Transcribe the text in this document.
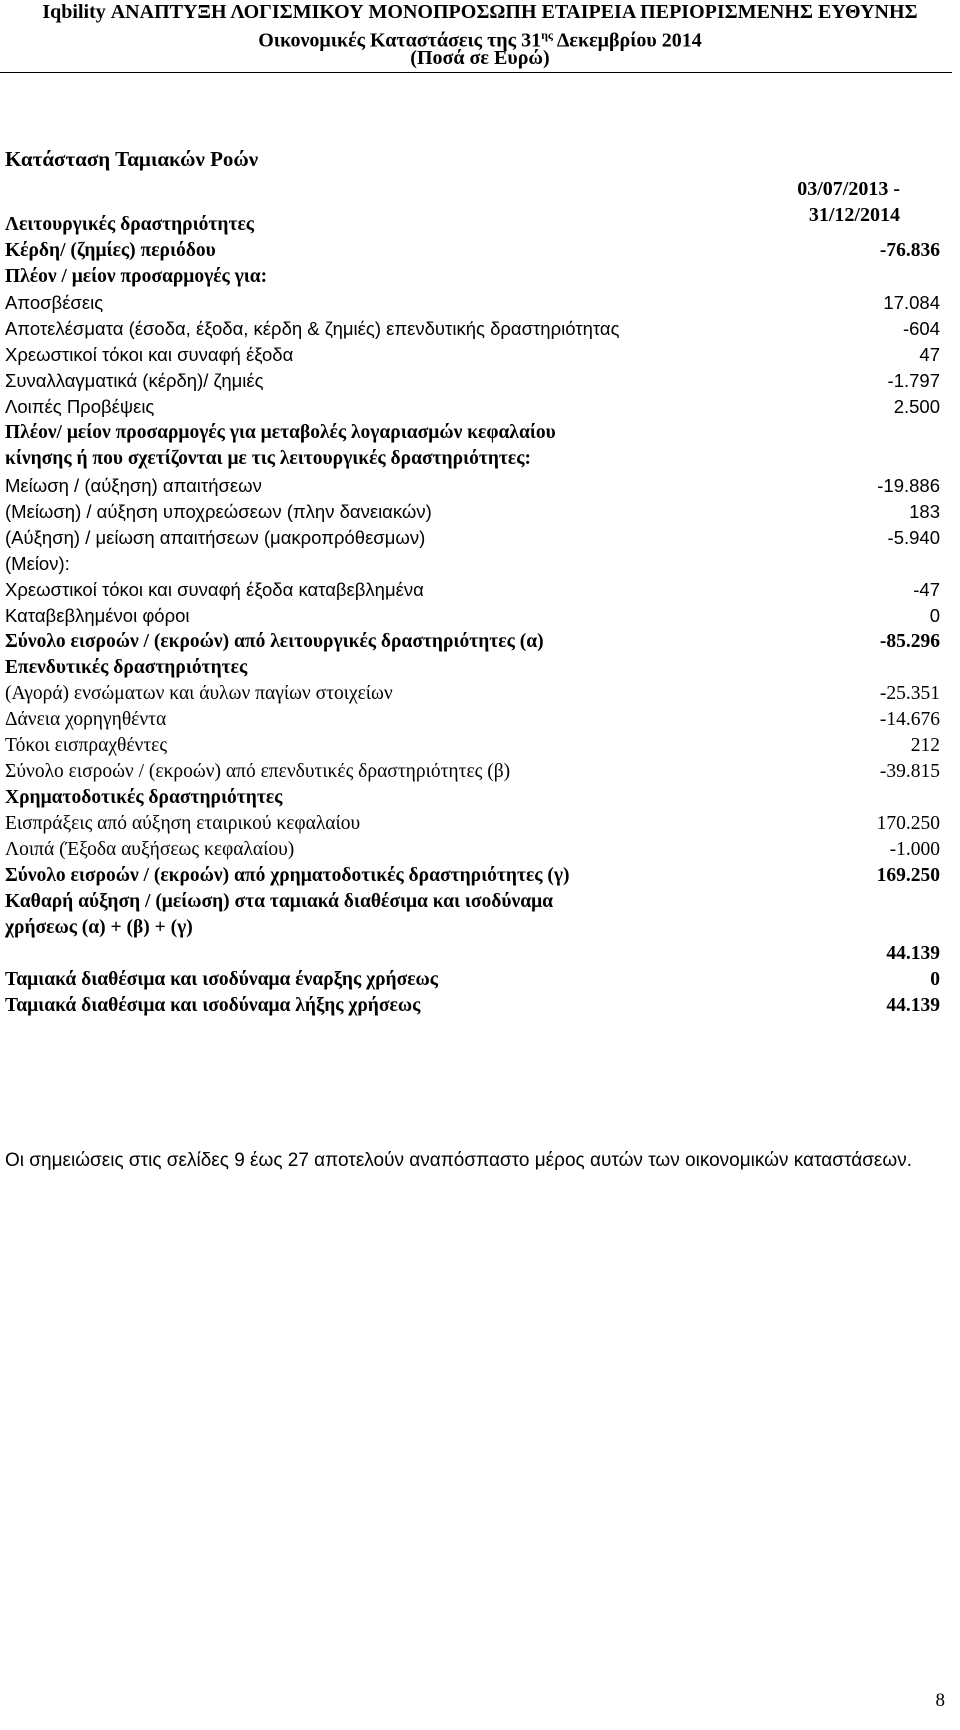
Iqbility ΑΝΑΠΤΥΞΗ ΛΟΓΙΣΜΙΚΟΥ ΜΟΝΟΠΡΟΣΩΠΗ ΕΤΑΙΡΕΙΑ ΠΕΡΙΟΡΙΣΜΕΝΗΣ ΕΥΘΥΝΗΣ
Οικονομικές Καταστάσεις της $31^{\eta\varsigma}$ Δεκεμβρίου 2014
(Ποσά σε Ευρώ)
Κατάσταση Ταμιακών Ροών
03/07/2013 -
31/12/2014
Λειτουργικές δραστηριότητες
Κέρδη/ (ζημίες) περιόδου	-76.836
Πλέον / μείον προσαρμογές για:
Αποσβέσεις	17.084
Αποτελέσματα (έσοδα, έξοδα, κέρδη & ζημιές) επενδυτικής δραστηριότητας	-604
Χρεωστικοί τόκοι και συναφή έξοδα	47
Συναλλαγματικά (κέρδη)/ ζημιές	-1.797
Λοιπές Προβέψεις	2.500
Πλέον/ μείον προσαρμογές για μεταβολές λογαριασμών κεφαλαίου
κίνησης ή που σχετίζονται με τις λειτουργικές δραστηριότητες:
Μείωση / (αύξηση) απαιτήσεων	-19.886
(Μείωση) / αύξηση υποχρεώσεων (πλην δανειακών)	183
(Αύξηση) / μείωση απαιτήσεων (μακροπρόθεσμων)	-5.940
(Μείον):
Χρεωστικοί τόκοι και συναφή έξοδα καταβεβλημένα	-47
Καταβεβλημένοι φόροι	0
Σύνολο εισροών / (εκροών) από λειτουργικές δραστηριότητες (α)	-85.296
Επενδυτικές δραστηριότητες
(Αγορά) ενσώματων και άυλων παγίων στοιχείων	-25.351
Δάνεια χορηγηθέντα	-14.676
Τόκοι εισπραχθέντες	212
Σύνολο εισροών / (εκροών) από επενδυτικές δραστηριότητες (β)	-39.815
Χρηματοδοτικές δραστηριότητες
Εισπράξεις από αύξηση εταιρικού κεφαλαίου	170.250
Λοιπά (Έξοδα αυξήσεως κεφαλαίου)	-1.000
Σύνολο εισροών / (εκροών) από χρηματοδοτικές δραστηριότητες (γ)	169.250
Καθαρή αύξηση / (μείωση) στα ταμιακά διαθέσιμα και ισοδύναμα
χρήσεως (α) + (β) + (γ)
44.139
Ταμιακά διαθέσιμα και ισοδύναμα έναρξης χρήσεως	0
Ταμιακά διαθέσιμα και ισοδύναμα λήξης χρήσεως	44.139
Οι σημειώσεις στις σελίδες 9 έως 27 αποτελούν αναπόσπαστο μέρος αυτών των οικονομικών καταστάσεων.
8
